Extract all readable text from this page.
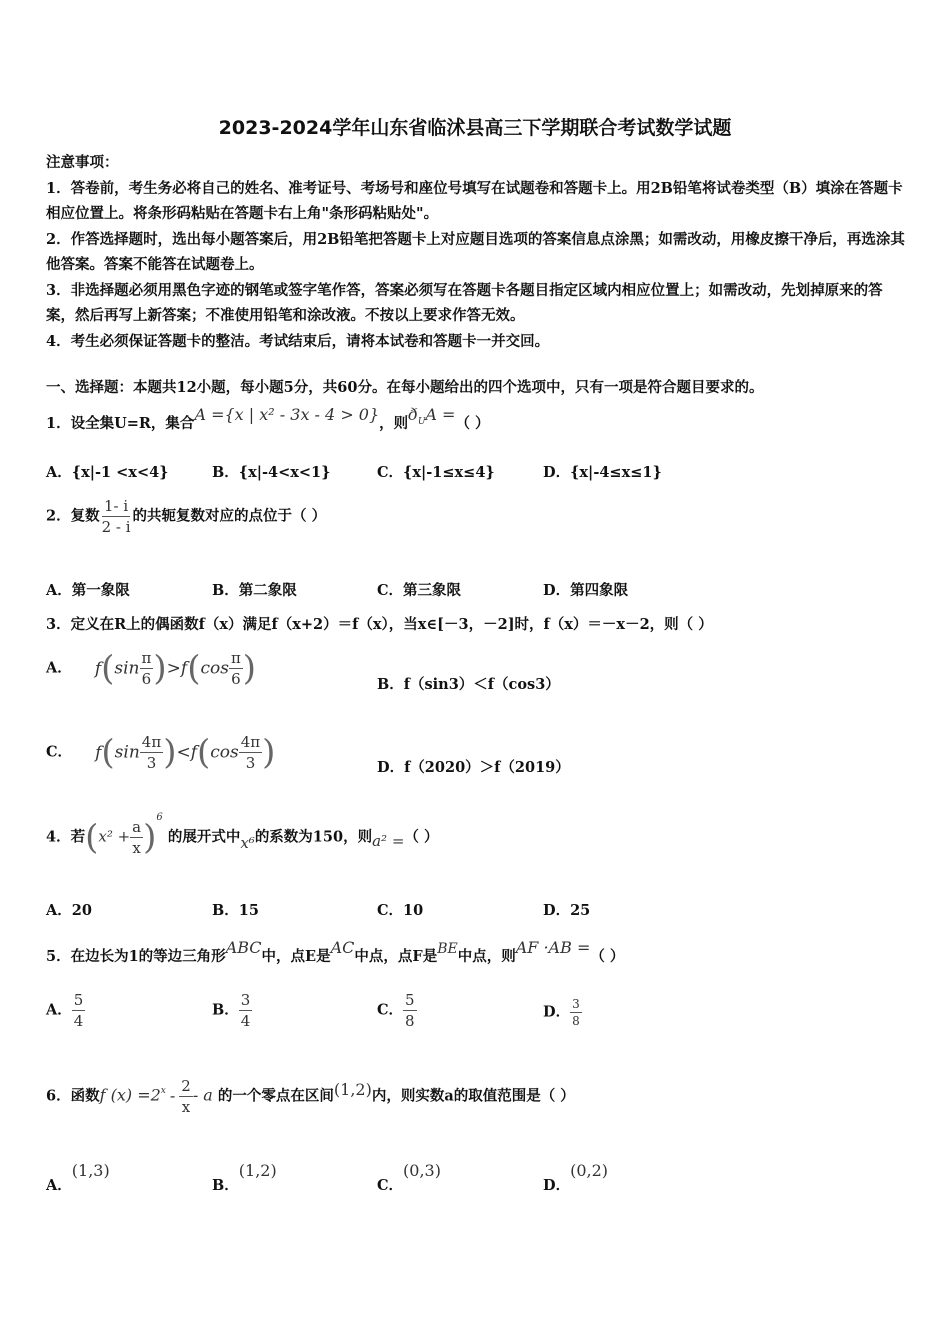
2023-2024学年山东省临沭县高三下学期联合考试数学试题
注意事项：
1．答卷前，考生务必将自己的姓名、准考证号、考场号和座位号填写在试题卷和答题卡上。用2B铅笔将试卷类型（B）填涂在答题卡相应位置上。将条形码粘贴在答题卡右上角"条形码粘贴处"。
2．作答选择题时，选出每小题答案后，用2B铅笔把答题卡上对应题目选项的答案信息点涂黑；如需改动，用橡皮擦干净后，再选涂其他答案。答案不能答在试题卷上。
3．非选择题必须用黑色字迹的钢笔或签字笔作答，答案必须写在答题卡各题目指定区域内相应位置上；如需改动，先划掉原来的答案，然后再写上新答案；不准使用铅笔和涂改液。不按以上要求作答无效。
4．考生必须保证答题卡的整洁。考试结束后，请将本试卷和答题卡一并交回。
一、选择题：本题共12小题，每小题5分，共60分。在每小题给出的四个选项中，只有一项是符合题目要求的。
1．设全集U=R，集合A ={x | x² - 3x - 4 > 0}，则$ð_UA$ =（ ）
A．{x|-1 <x<4}	B．{x|-4<x<1}	C．{x|-1≤x≤4}	D．{x|-4≤x≤1}
2．复数 $\frac{1- i}{2 - i}$ 的共轭复数对应的点位于（ ）
A．第一象限	B．第二象限	C．第三象限	D．第四象限
3．定义在R上的偶函数f（x）满足f（x+2）＝f（x），当x∈[－3，－2]时，f（x）＝－x－2，则（ ）
A． $f(\sin \frac{\pi}{6} )>f(\cos \frac{\pi}{6}$ )	B．f（sin3）＜f（cos3）
C． $f(\sin \frac{4\pi}{3} )<f(\cos \frac{4\pi}{3}$ )	D．f（2020）＞f（2019）
4．若$(x^2 + \frac{a}{x} )^6$ 的展开式中x⁶的系数为150，则a² =（ ）
A．20	B．15	C．10	D．25
5．在边长为1的等边三角形ABC中，点E是AC中点，点F是BE中点，则AF ·AB =（ ）
A． $\frac{5}{4}$	B． $\frac{3}{4}$	C． $\frac{5}{8}$	D． $\frac{3}{8}$
6．函数f $(x) =2^x - \frac{2}{x} - a$ 的一个零点在区间(1,2)内，则实数a的取值范围是（ ）
A．(1,3)
B．(1,2)
C．(0,3)
D．(0,2)
